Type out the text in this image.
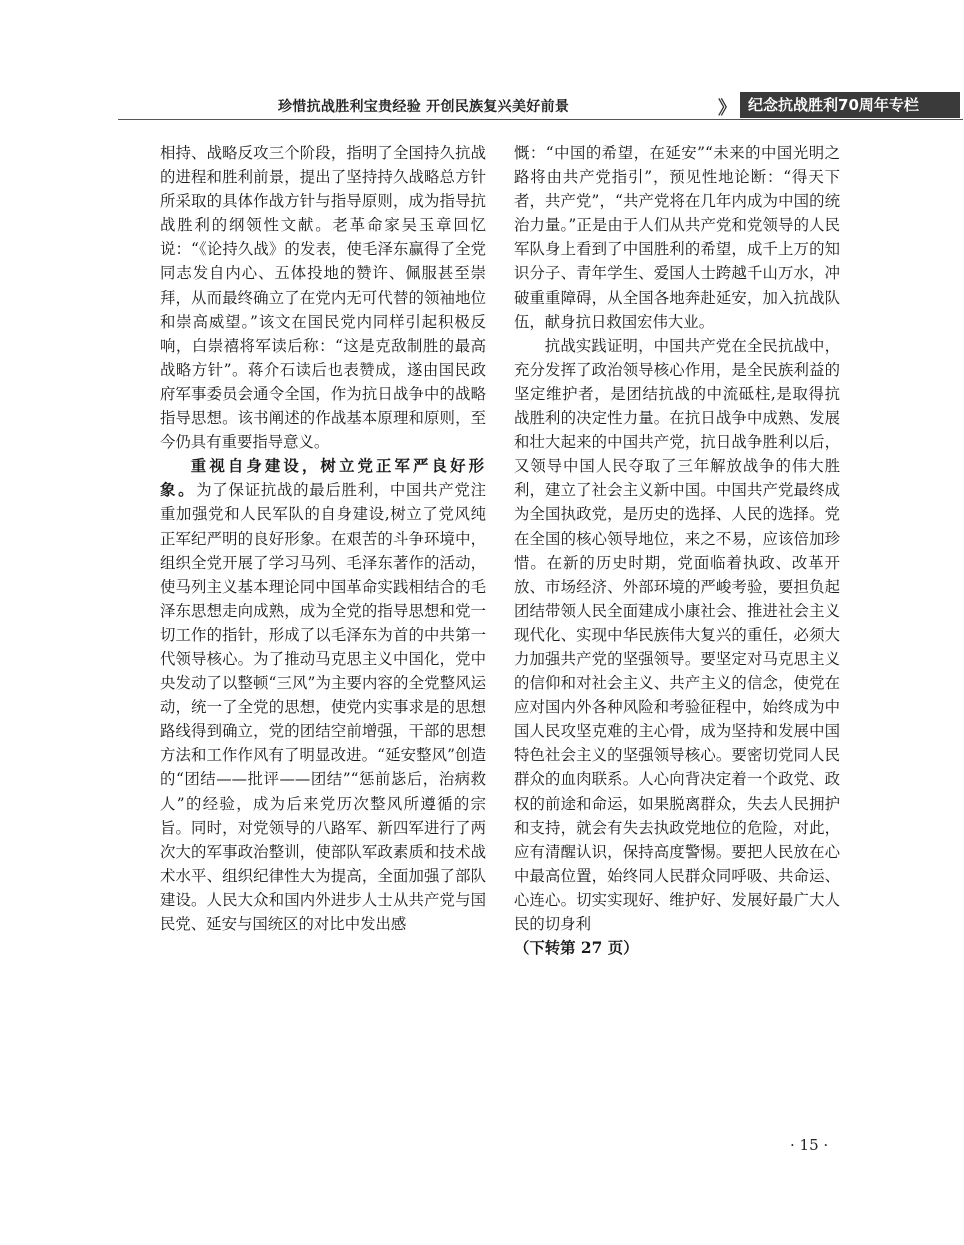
珍惜抗战胜利宝贵经验 开创民族复兴美好前景	》	纪念抗战胜利70周年专栏

相持、战略反攻三个阶段，指明了全国持久抗战的进程和胜利前景，提出了坚持持久战略总方针所采取的具体作战方针与指导原则，成为指导抗战胜利的纲领性文献。老革命家吴玉章回忆说：“《论持久战》的发表，使毛泽东赢得了全党同志发自内心、五体投地的赞许、佩服甚至崇拜，从而最终确立了在党内无可代替的领袖地位和崇高威望。”该文在国民党内同样引起积极反响，白崇禧将军读后称：“这是克敌制胜的最高战略方针”。蒋介石读后也表赞成，遂由国民政府军事委员会通令全国，作为抗日战争中的战略指导思想。该书阐述的作战基本原理和原则，至今仍具有重要指导意义。

重视自身建设，树立党正军严良好形象。为了保证抗战的最后胜利，中国共产党注重加强党和人民军队的自身建设,树立了党风纯正军纪严明的良好形象。在艰苦的斗争环境中，组织全党开展了学习马列、毛泽东著作的活动，使马列主义基本理论同中国革命实践相结合的毛泽东思想走向成熟，成为全党的指导思想和党一切工作的指针，形成了以毛泽东为首的中共第一代领导核心。为了推动马克思主义中国化，党中央发动了以整顿“三风”为主要内容的全党整风运动，统一了全党的思想，使党内实事求是的思想路线得到确立，党的团结空前增强，干部的思想方法和工作作风有了明显改进。“延安整风”创造的“团结——批评——团结”“惩前毖后，治病救人”的经验，成为后来党历次整风所遵循的宗旨。同时，对党领导的八路军、新四军进行了两次大的军事政治整训，使部队军政素质和技术战术水平、组织纪律性大为提高，全面加强了部队建设。人民大众和国内外进步人士从共产党与国民党、延安与国统区的对比中发出感

慨：“中国的希望，在延安”“未来的中国光明之路将由共产党指引”，预见性地论断：“得天下者，共产党”，“共产党将在几年内成为中国的统治力量。”正是由于人们从共产党和党领导的人民军队身上看到了中国胜利的希望，成千上万的知识分子、青年学生、爱国人士跨越千山万水，冲破重重障碍，从全国各地奔赴延安，加入抗战队伍，献身抗日救国宏伟大业。

抗战实践证明，中国共产党在全民抗战中，充分发挥了政治领导核心作用，是全民族利益的坚定维护者，是团结抗战的中流砥柱,是取得抗战胜利的决定性力量。在抗日战争中成熟、发展和壮大起来的中国共产党，抗日战争胜利以后，又领导中国人民夺取了三年解放战争的伟大胜利，建立了社会主义新中国。中国共产党最终成为全国执政党，是历史的选择、人民的选择。党在全国的核心领导地位，来之不易，应该倍加珍惜。在新的历史时期，党面临着执政、改革开放、市场经济、外部环境的严峻考验，要担负起团结带领人民全面建成小康社会、推进社会主义现代化、实现中华民族伟大复兴的重任，必须大力加强共产党的坚强领导。要坚定对马克思主义的信仰和对社会主义、共产主义的信念，使党在应对国内外各种风险和考验征程中，始终成为中国人民攻坚克难的主心骨，成为坚持和发展中国特色社会主义的坚强领导核心。要密切党同人民群众的血肉联系。人心向背决定着一个政党、政权的前途和命运，如果脱离群众，失去人民拥护和支持，就会有失去执政党地位的危险，对此，应有清醒认识，保持高度警惕。要把人民放在心中最高位置，始终同人民群众同呼吸、共命运、心连心。切实实现好、维护好、发展好最广大人民的切身利

（下转第 27 页）

· 15 ·
